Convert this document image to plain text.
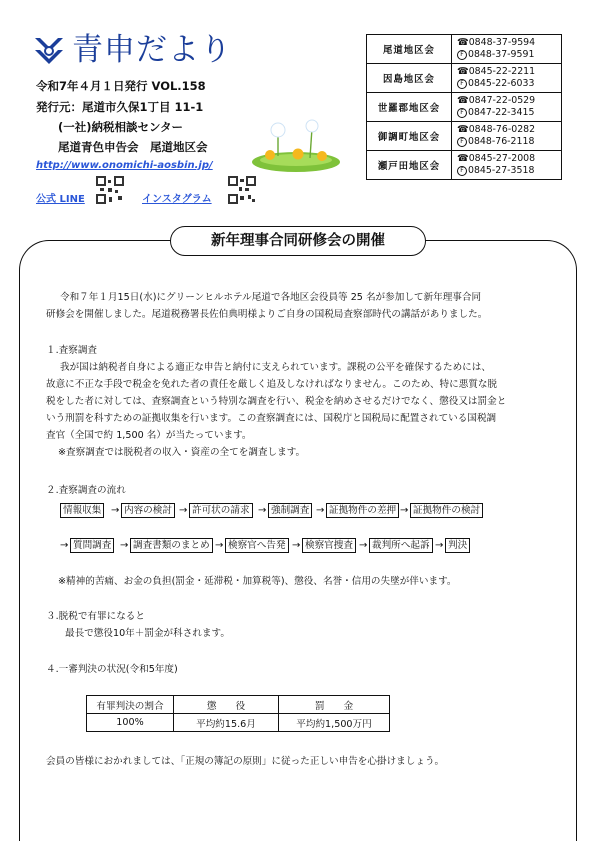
青申だより
令和7年４月１日発行 VOL.158
発行元：尾道市久保1丁目 11-1
(一社)納税相談センター
尾道青色申告会　尾道地区会
http://www.onomichi-aosbin.jp/
公式 LINE	インスタグラム
尾道地区会	☎0848-37-9594
F 0848-37-9591

因島地区会	☎0845-22-2211
F 0845-22-6033

世羅郡地区会	☎0847-22-0529
F 0847-22-3415

御調町地区会	☎0848-76-0282
F 0848-76-2118

瀬戸田地区会	☎0845-27-2008
F 0845-27-3518
新年理事合同研修会の開催
令和７年１月15日(水)にグリーンヒルホテル尾道で各地区会役員等 25 名が参加して新年理事合同
研修会を開催しました。尾道税務署長佐伯典明様よりご自身の国税局査察部時代の講話がありました。
１.査察調査
我が国は納税者自身による適正な申告と納付に支えられています。課税の公平を確保するためには、
故意に不正な手段で税金を免れた者の責任を厳しく追及しなければなりません。このため、特に悪質な脱
税をした者に対しては、査察調査という特別な調査を行い、税金を納めさせるだけでなく、懲役又は罰金と
いう刑罰を科すための証拠収集を行います。この査察調査には、国税庁と国税局に配置されている国税調
査官（全国で約 1,500 名）が当たっています。
※査察調査では脱税者の収入・資産の全てを調査します。
２.査察調査の流れ
情報収集 → 内容の検討 → 許可状の請求 → 強制調査 → 証拠物件の差押 → 証拠物件の検討
→ 質問調査 → 調査書類のまとめ → 検察官へ告発 → 検察官捜査 → 裁判所へ起訴 → 判決
※精神的苦痛、お金の負担(罰金・延滞税・加算税等)、懲役、名誉・信用の失墜が伴います。
３.脱税で有罪になると
最長で懲役10年＋罰金が科されます。
４.一審判決の状況(令和5年度)
有罪判決の割合	懲　　役	罰　　金
100%	平均約15.6月	平均約1,500万円
会員の皆様におかれましては、「正規の簿記の原則」に従った正しい申告を心掛けましょう。
